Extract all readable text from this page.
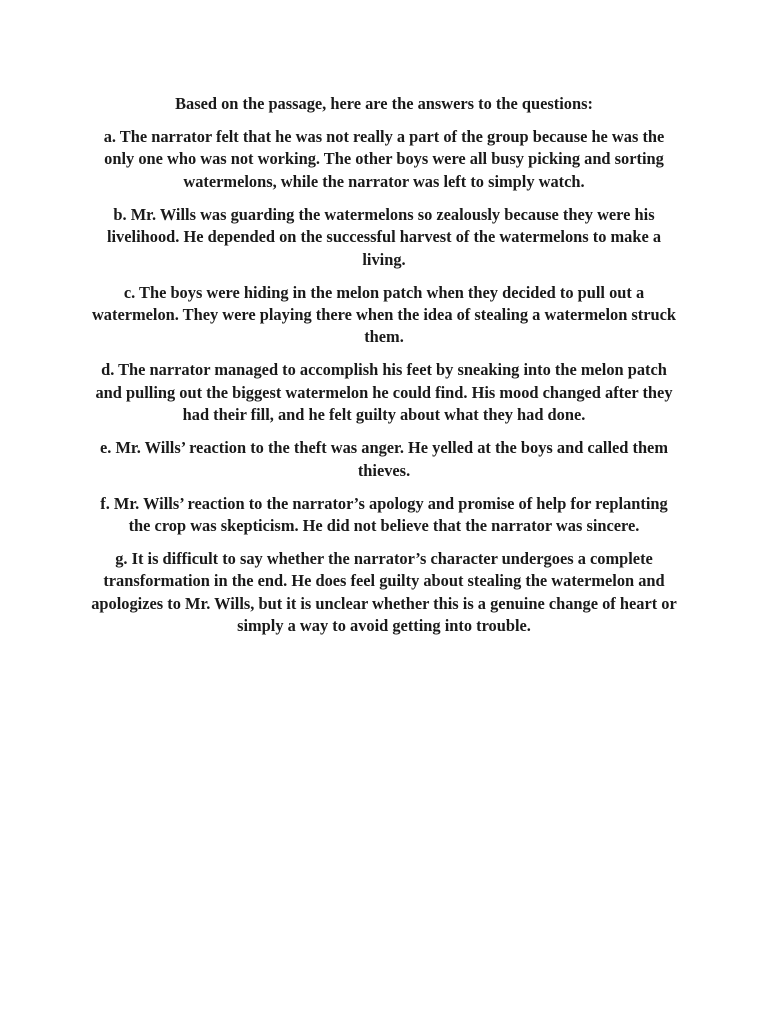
Based on the passage, here are the answers to the questions:

a. The narrator felt that he was not really a part of the group because he was the only one who was not working. The other boys were all busy picking and sorting watermelons, while the narrator was left to simply watch.

b. Mr. Wills was guarding the watermelons so zealously because they were his livelihood. He depended on the successful harvest of the watermelons to make a living.

c. The boys were hiding in the melon patch when they decided to pull out a watermelon. They were playing there when the idea of stealing a watermelon struck them.

d. The narrator managed to accomplish his feet by sneaking into the melon patch and pulling out the biggest watermelon he could find. His mood changed after they had their fill, and he felt guilty about what they had done.

e. Mr. Wills’ reaction to the theft was anger. He yelled at the boys and called them thieves.

f. Mr. Wills’ reaction to the narrator’s apology and promise of help for replanting the crop was skepticism. He did not believe that the narrator was sincere.

g. It is difficult to say whether the narrator’s character undergoes a complete transformation in the end. He does feel guilty about stealing the watermelon and apologizes to Mr. Wills, but it is unclear whether this is a genuine change of heart or simply a way to avoid getting into trouble.
